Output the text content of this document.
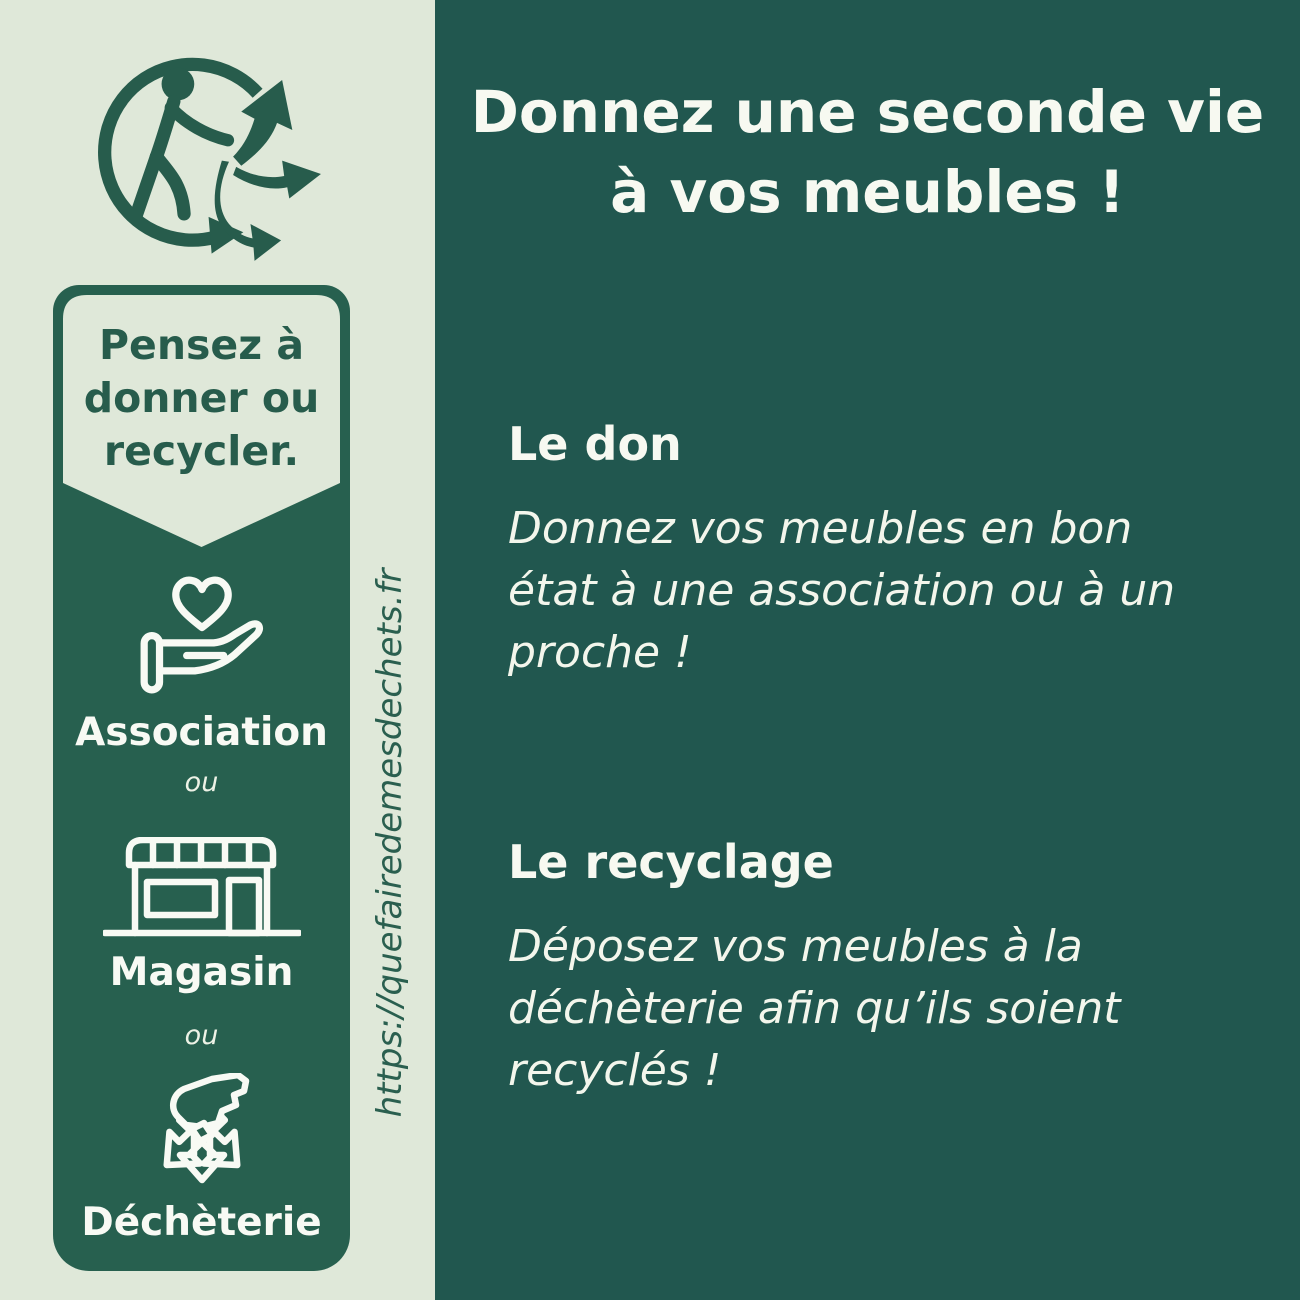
Donnez une seconde vie
à vos meubles !
Le don
Donnez vos meubles en bon
état à une association ou à un
proche !
Le recyclage
Déposez vos meubles à la
déchèterie afin qu’ils soient
recyclés !
Pensez à
donner ou
recycler.
Association
ou
Magasin
ou
Déchèterie
https://quefairedemesdechets.fr
